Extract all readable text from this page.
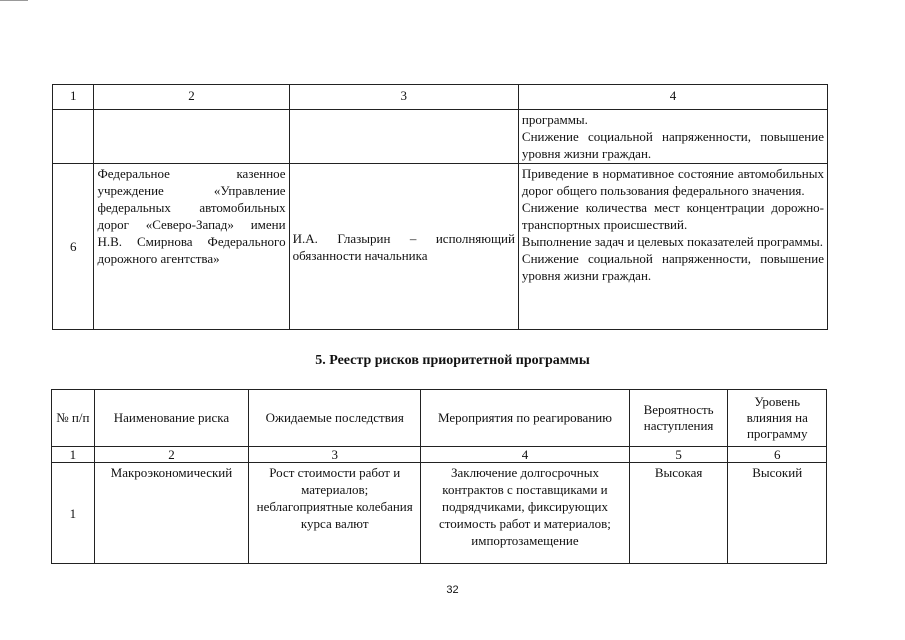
1	2	3	4

			программы.
Снижение социальной напряженности, повышение уровня жизни граждан.

6	Федеральное казенное учреждение «Управление федеральных автомобильных дорог «Северо-Запад» имени Н.В. Смирнова Федерального дорожного агентства»	И.А. Глазырин – исполняющий обязанности начальника	Приведение в нормативное состояние автомобильных дорог общего пользования федерального значения.
Снижение количества мест концентрации дорожно-транспортных происшествий.
Выполнение задач и целевых показателей программы.
Снижение социальной напряженности, повышение уровня жизни граждан.
5. Реестр рисков приоритетной программы
№ п/п	Наименование риска	Ожидаемые последствия	Мероприятия по реагированию	Вероятность наступления	Уровень влияния на программу
1	2	3	4	5	6
1	Макроэкономический	Рост стоимости работ и материалов; неблагоприятные колебания курса валют	Заключение долгосрочных контрактов с поставщиками и подрядчиками, фиксирующих стоимость работ и материалов; импортозамещение	Высокая	Высокий
32
